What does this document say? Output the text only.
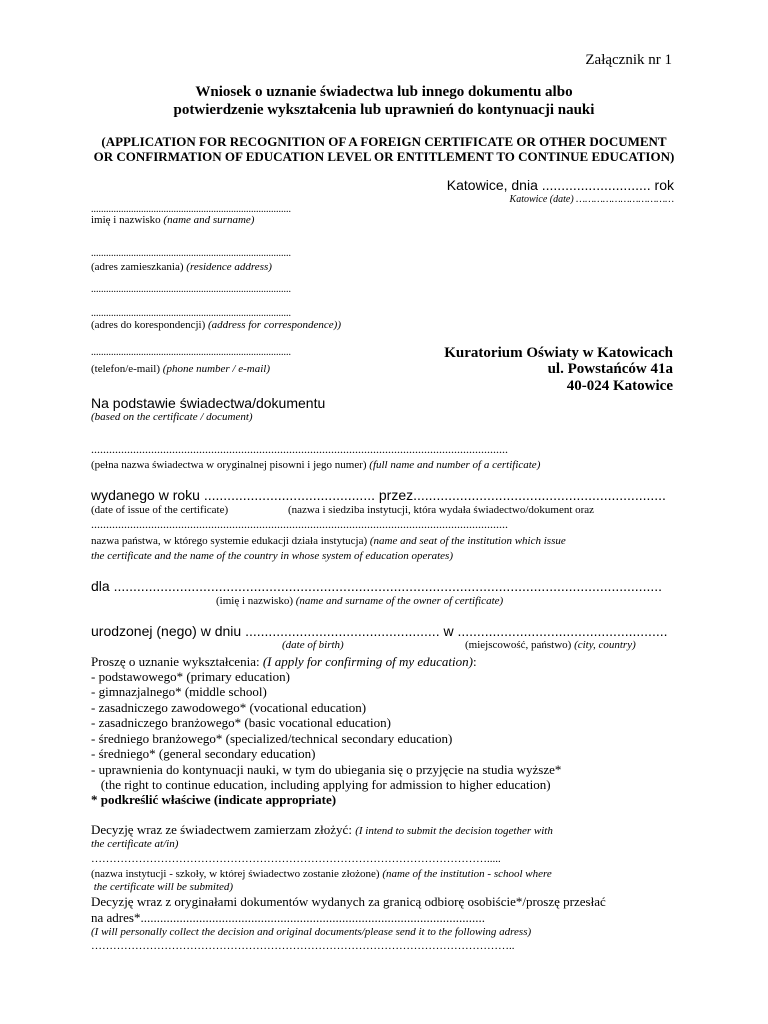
Załącznik nr 1
Wniosek o uznanie świadectwa lub innego dokumentu albo
potwierdzenie wykształcenia lub uprawnień do kontynuacji nauki
(APPLICATION FOR RECOGNITION OF A FOREIGN CERTIFICATE OR OTHER DOCUMENT
OR CONFIRMATION OF EDUCATION LEVEL OR ENTITLEMENT TO CONTINUE EDUCATION)
Katowice, dnia ............................ rok
Katowice (date) ……………………………
................................................................................
imię i nazwisko (name and surname)
................................................................................
(adres zamieszkania) (residence address)
................................................................................
................................................................................
(adres do korespondencji) (address for correspondence))
................................................................................
(telefon/e-mail) (phone number / e-mail)
Kuratorium Oświaty w Katowicach
ul. Powstańców 41a
40-024 Katowice
Na podstawie świadectwa/dokumentu
(based on the certificate / document)
...........................................................................................................................................
(pełna nazwa świadectwa w oryginalnej pisowni i jego numer) (full name and number of a certificate)
wydanego w roku ............................................ przez.................................................................
(date of issue of the certificate)	(nazwa i siedziba instytucji, która wydała świadectwo/dokument oraz
...........................................................................................................................................
nazwa państwa, w którego systemie edukacji działa instytucja) (name and seat of the institution which issue
the certificate and the name of the country in whose system of education operates)
dla .............................................................................................................................................
(imię i nazwisko) (name and surname of the owner of certificate)
urodzonej (nego) w dniu .................................................. w ......................................................
(date of birth)	(miejscowość, państwo) (city, country)
Proszę o uznanie wykształcenia: (I apply for confirming of my education):
- podstawowego* (primary education)
- gimnazjalnego* (middle school)
- zasadniczego zawodowego* (vocational education)
- zasadniczego branżowego* (basic vocational education)
- średniego branżowego* (specialized/technical secondary education)
- średniego* (general secondary education)
- uprawnienia do kontynuacji nauki, w tym do ubiegania się o przyjęcie na studia wyższe*
(the right to continue education, including applying for admission to higher education)
* podkreślić właściwe (indicate appropriate)
Decyzję wraz ze świadectwem zamierzam złożyć: (I intend to submit the decision together with
the certificate at/in)
……………………………………………………………………………………………….....
(nazwa instytucji - szkoły, w której świadectwo zostanie złożone) (name of the institution - school where
the certificate will be submited)
Decyzję wraz z oryginałami dokumentów wydanych za granicą odbiorę osobiście*/proszę przesłać
na adres*..........................................................................................................
(I will personally collect the decision and original documents/please send it to the following adress)
……………………………………………………………………………………………………..
